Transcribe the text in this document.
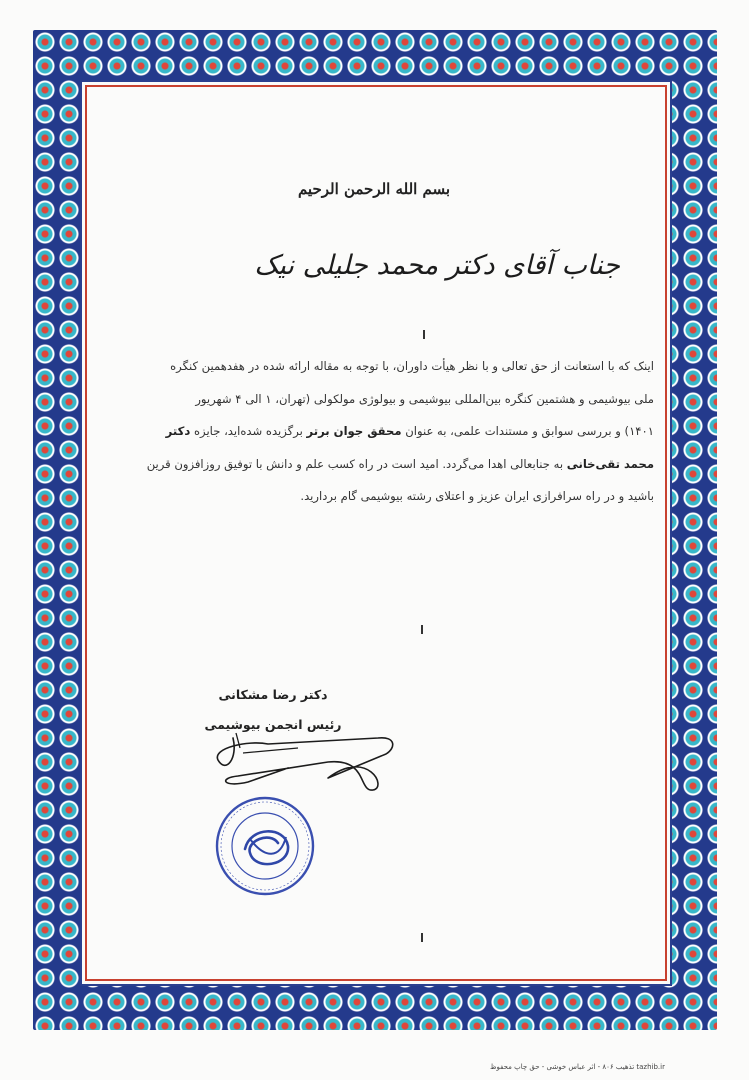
بسم الله الرحمن الرحیم
جناب آقای دکتر محمد جلیلی نیک
اینک که با استعانت از حق تعالی و با نظر هیأت داوران، با توجه به مقاله ارائه شده در هفدهمین کنگره
ملی بیوشیمی و هشتمین کنگره بین‌المللی بیوشیمی و بیولوژی مولکولی (تهران، ۱ الی ۴ شهریور
۱۴۰۱) و بررسی سوابق و مستندات علمی، به عنوان محقق جوان برتر برگزیده شده‌اید، جایزه دکتر
محمد تقی‌خانی به جنابعالی اهدا می‌گردد. امید است در راه کسب علم و دانش با توفیق روزافزون قرین
باشید و در راه سرافرازی ایران عزیز و اعتلای رشته بیوشیمی گام بردارید.
دکتر رضا مشکانی
رئیس انجمن بیوشیمی
tazhib.ir تذهیب ۸۰۶ - اثر عباس خوشی - حق چاپ محفوظ
